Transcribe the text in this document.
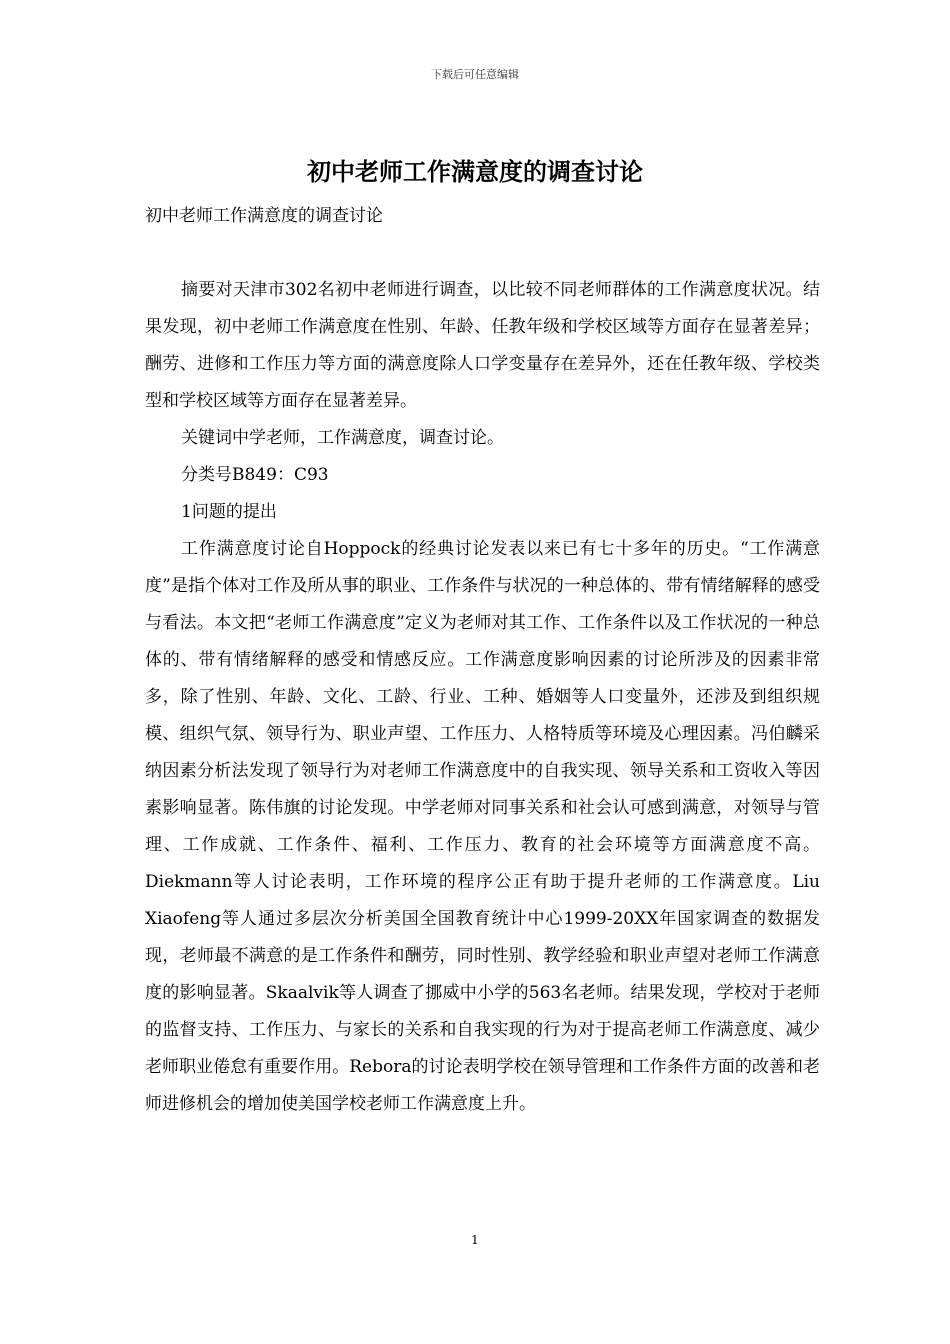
下载后可任意编辑
初中老师工作满意度的调查讨论

初中老师工作满意度的调查讨论

摘要对天津市302名初中老师进行调查，以比较不同老师群体的工作满意度状况。结果发现，初中老师工作满意度在性别、年龄、任教年级和学校区域等方面存在显著差异；酬劳、进修和工作压力等方面的满意度除人口学变量存在差异外，还在任教年级、学校类型和学校区域等方面存在显著差异。

关键词中学老师，工作满意度，调查讨论。

分类号B849：C93

1问题的提出

工作满意度讨论自Hoppock的经典讨论发表以来已有七十多年的历史。“工作满意度”是指个体对工作及所从事的职业、工作条件与状况的一种总体的、带有情绪解释的感受与看法。本文把“老师工作满意度”定义为老师对其工作、工作条件以及工作状况的一种总体的、带有情绪解释的感受和情感反应。工作满意度影响因素的讨论所涉及的因素非常多，除了性别、年龄、文化、工龄、行业、工种、婚姻等人口变量外，还涉及到组织规模、组织气氛、领导行为、职业声望、工作压力、人格特质等环境及心理因素。冯伯麟采纳因素分析法发现了领导行为对老师工作满意度中的自我实现、领导关系和工资收入等因素影响显著。陈伟旗的讨论发现。中学老师对同事关系和社会认可感到满意，对领导与管理、工作成就、工作条件、福利、工作压力、教育的社会环境等方面满意度不高。Diekmann等人讨论表明，工作环境的程序公正有助于提升老师的工作满意度。Liu Xiaofeng等人通过多层次分析美国全国教育统计中心1999-20XX年国家调查的数据发现，老师最不满意的是工作条件和酬劳，同时性别、教学经验和职业声望对老师工作满意度的影响显著。Skaalvik等人调查了挪威中小学的563名老师。结果发现，学校对于老师的监督支持、工作压力、与家长的关系和自我实现的行为对于提高老师工作满意度、减少老师职业倦怠有重要作用。Rebora的讨论表明学校在领导管理和工作条件方面的改善和老师进修机会的增加使美国学校老师工作满意度上升。

1
